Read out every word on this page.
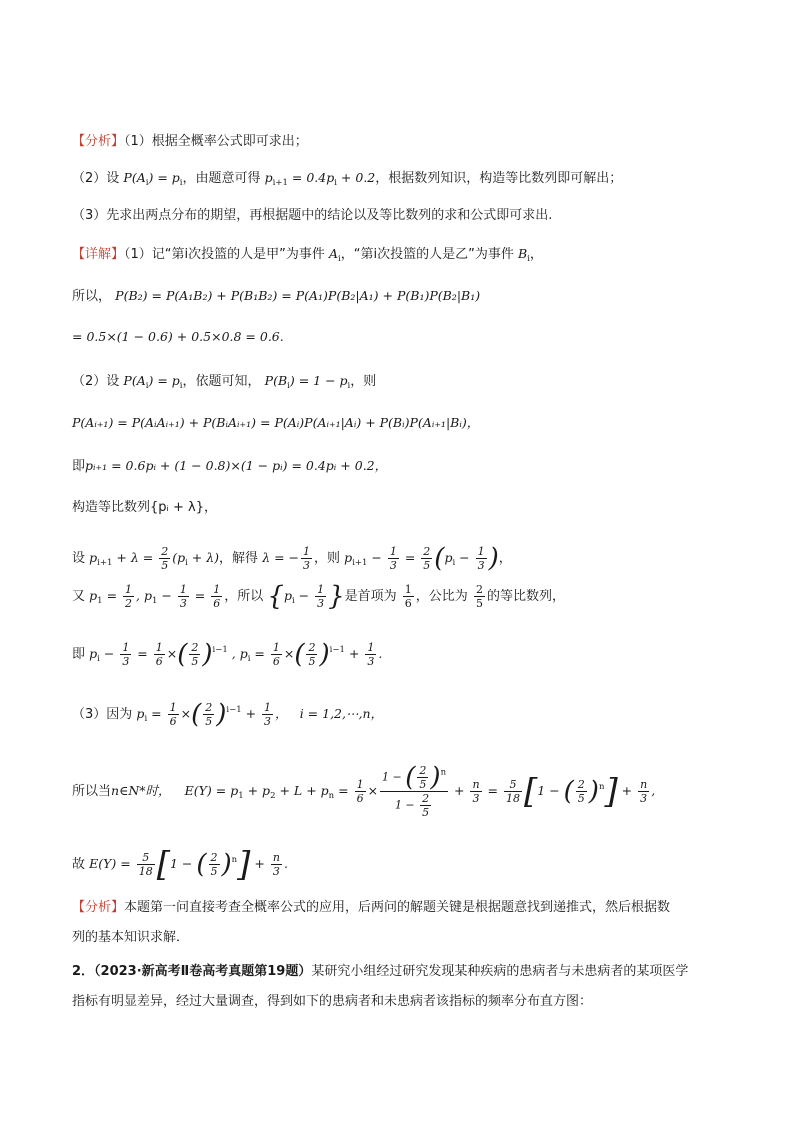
【分析】（1）根据全概率公式即可求出；
（2）设 $P(A_i) = p_i$，由题意可得 $p_{i+1} = 0.4p_i + 0.2$，根据数列知识，构造等比数列即可解出；
（3）先求出两点分布的期望，再根据题中的结论以及等比数列的求和公式即可求出.
【详解】（1）记“第i次投篮的人是甲”为事件 $A_i$，“第i次投篮的人是乙”为事件 $B_i$，
所以， P(B₂) = P(A₁B₂) + P(B₁B₂) = P(A₁)P(B₂|A₁) + P(B₁)P(B₂|B₁)
= 0.5×(1 − 0.6) + 0.5×0.8 = 0.6.
（2）设 $P(A_i) = p_i$，依题可知， $P(B_i) = 1 - p_i$，则
P(Aᵢ₊₁) = P(AᵢAᵢ₊₁) + P(BᵢAᵢ₊₁) = P(Aᵢ)P(Aᵢ₊₁|Aᵢ) + P(Bᵢ)P(Aᵢ₊₁|Bᵢ)，
即pᵢ₊₁ = 0.6pᵢ + (1 − 0.8)×(1 − pᵢ) = 0.4pᵢ + 0.2，
构造等比数列{pᵢ + λ}，
设 $p_{i+1} + \lambda = \frac{2}{5} (p_i + \lambda)$，解得 λ = − $\frac{1}{3}$ ，则 $p_{i+1} - \frac{1}{3} = \frac{2}{5} (p_i - \frac{1}{3}$ )，
又 $p_1 = \frac{1}{2}$ , $p_1 - \frac{1}{3} = \frac{1}{6}$ ，所以 {$p_i - \frac{1}{3}$ }是首项为 $\frac{1}{6}$ ，公比为 $\frac{2}{5}$ 的等比数列，
即 $p_i - \frac{1}{3} = \frac{1}{6}$ ×( $\frac{2}{5} )^{i-1}$ , $p_i = \frac{1}{6}$ ×( $\frac{2}{5} )^{i-1} + \frac{1}{3}$ .
（3）因为 $p_i = \frac{1}{6}$ ×( $\frac{2}{5} )^{i-1} + \frac{1}{3}$ ， i = 1,2,⋯,n，
所以当n∈N*时， $E(Y) = p_1 + p_2 + L + p_n = \frac{1}{6} \times \frac{1 - ( \frac{2}{5} )^n}{1 - \frac{2}{5}} + \frac{n}{3} = \frac{5}{18} [1$ − ( $\frac{2}{5} )^n] + \frac{n}{3}$ ,
故 $E(Y) = \frac{5}{18} [1$ − ( $\frac{2}{5} )^n] + \frac{n}{3}$ .
【分析】本题第一问直接考查全概率公式的应用，后两问的解题关键是根据题意找到递推式，然后根据数
列的基本知识求解．
2．（2023·新高考Ⅱ卷高考真题第19题）某研究小组经过研究发现某种疾病的患病者与未患病者的某项医学
指标有明显差异，经过大量调查，得到如下的患病者和未患病者该指标的频率分布直方图：
